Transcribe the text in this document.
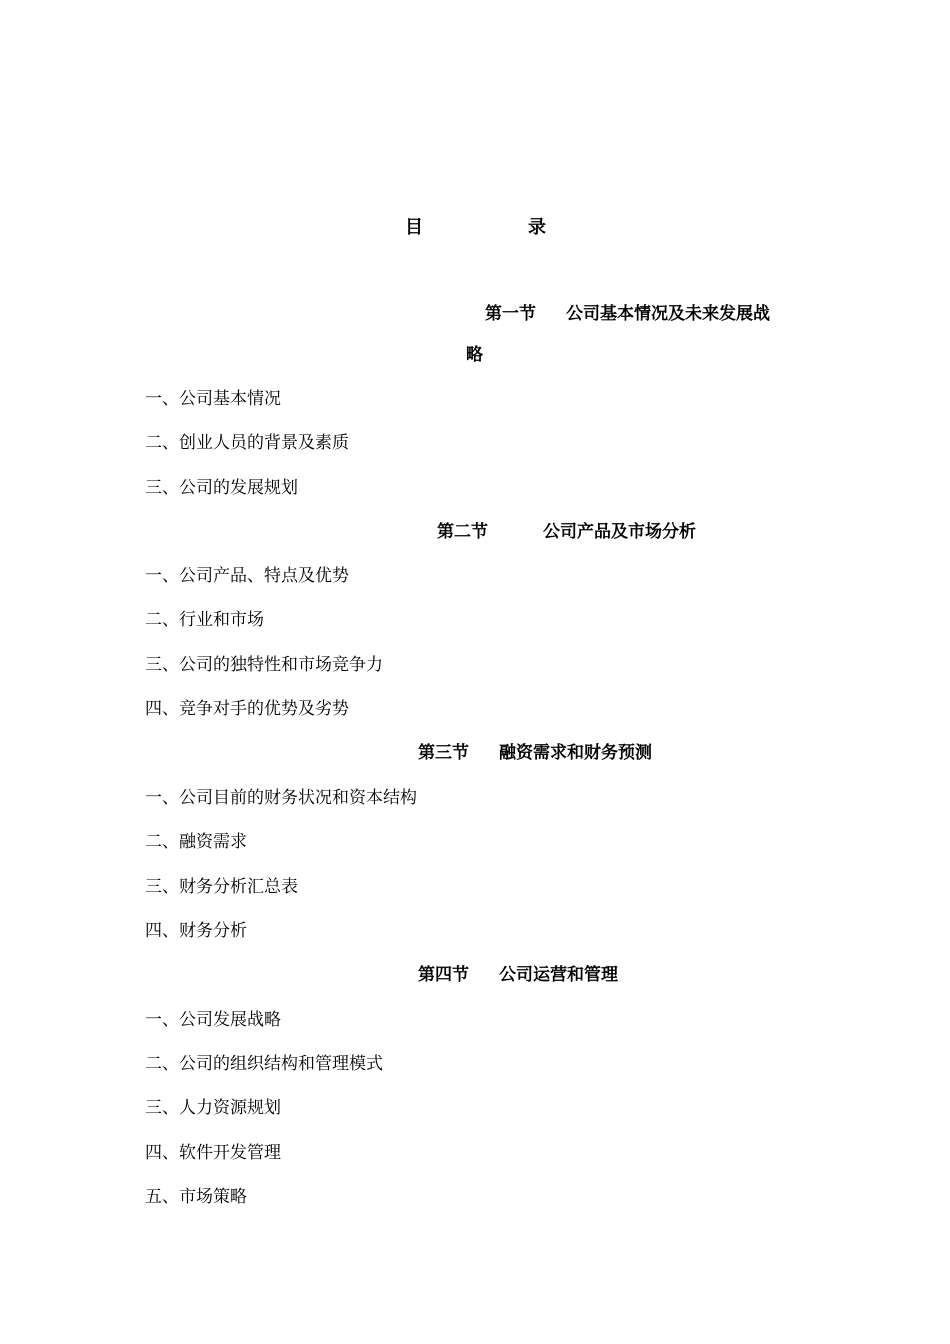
目	录
第一节 公司基本情况及未来发展战
略
一、公司基本情况
二、创业人员的背景及素质
三、公司的发展规划
第二节	公司产品及市场分析
一、公司产品、特点及优势
二、行业和市场
三、公司的独特性和市场竞争力
四、竞争对手的优势及劣势
第三节 融资需求和财务预测
一、公司目前的财务状况和资本结构
二、融资需求
三、财务分析汇总表
四、财务分析
第四节 公司运营和管理
一、公司发展战略
二、公司的组织结构和管理模式
三、人力资源规划
四、软件开发管理
五、市场策略
